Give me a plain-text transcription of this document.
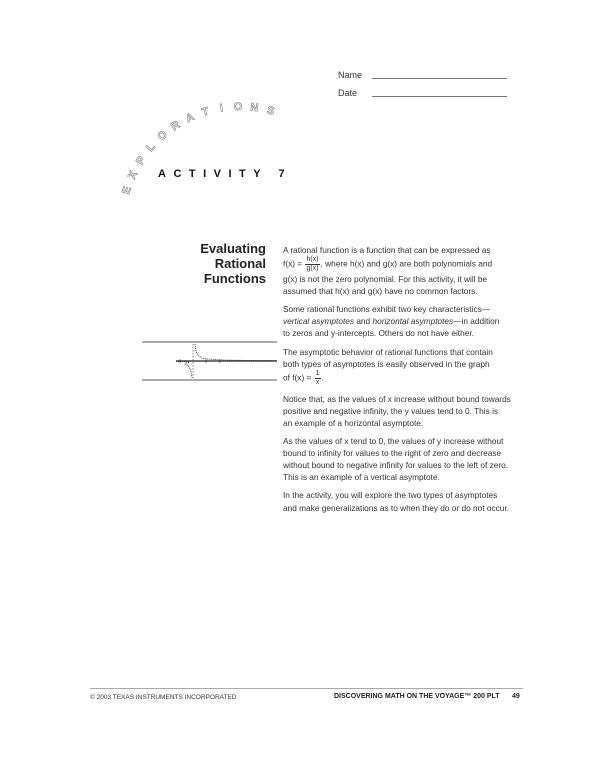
Name
Date
E
X
P
L
O
R
A T I O N S
ACTIVITY 7
Evaluating
Rational
Functions

A rational function is a function that can be expressed as
$f(x) = \frac{h(x)}{g(x)}$ , where h(x) and g(x) are both polynomials and
g(x) is not the zero polynomial. For this activity, it will be
assumed that h(x) and g(x) have no common factors.

Some rational functions exhibit two key characteristics—
vertical asymptotes and horizontal asymptotes—in addition
to zeros and y-intercepts. Others do not have either.

The asymptotic behavior of rational functions that contain
both types of asymptotes is easily observed in the graph
of $f(x) = \frac{1}{x}$ .

Notice that, as the values of x increase without bound towards
positive and negative infinity, the y values tend to 0. This is
an example of a horizontal asymptote.

As the values of x tend to 0, the values of y increase without
bound to infinity for values to the right of zero and decrease
without bound to negative infinity for values to the left of zero.
This is an example of a vertical asymptote.

In the activity, you will explore the two types of asymptotes
and make generalizations as to when they do or do not occur.

© 2003 TEXAS INSTRUMENTS INCORPORATED	DISCOVERING MATH ON THE VOYAGE™ 200 PLT 49
